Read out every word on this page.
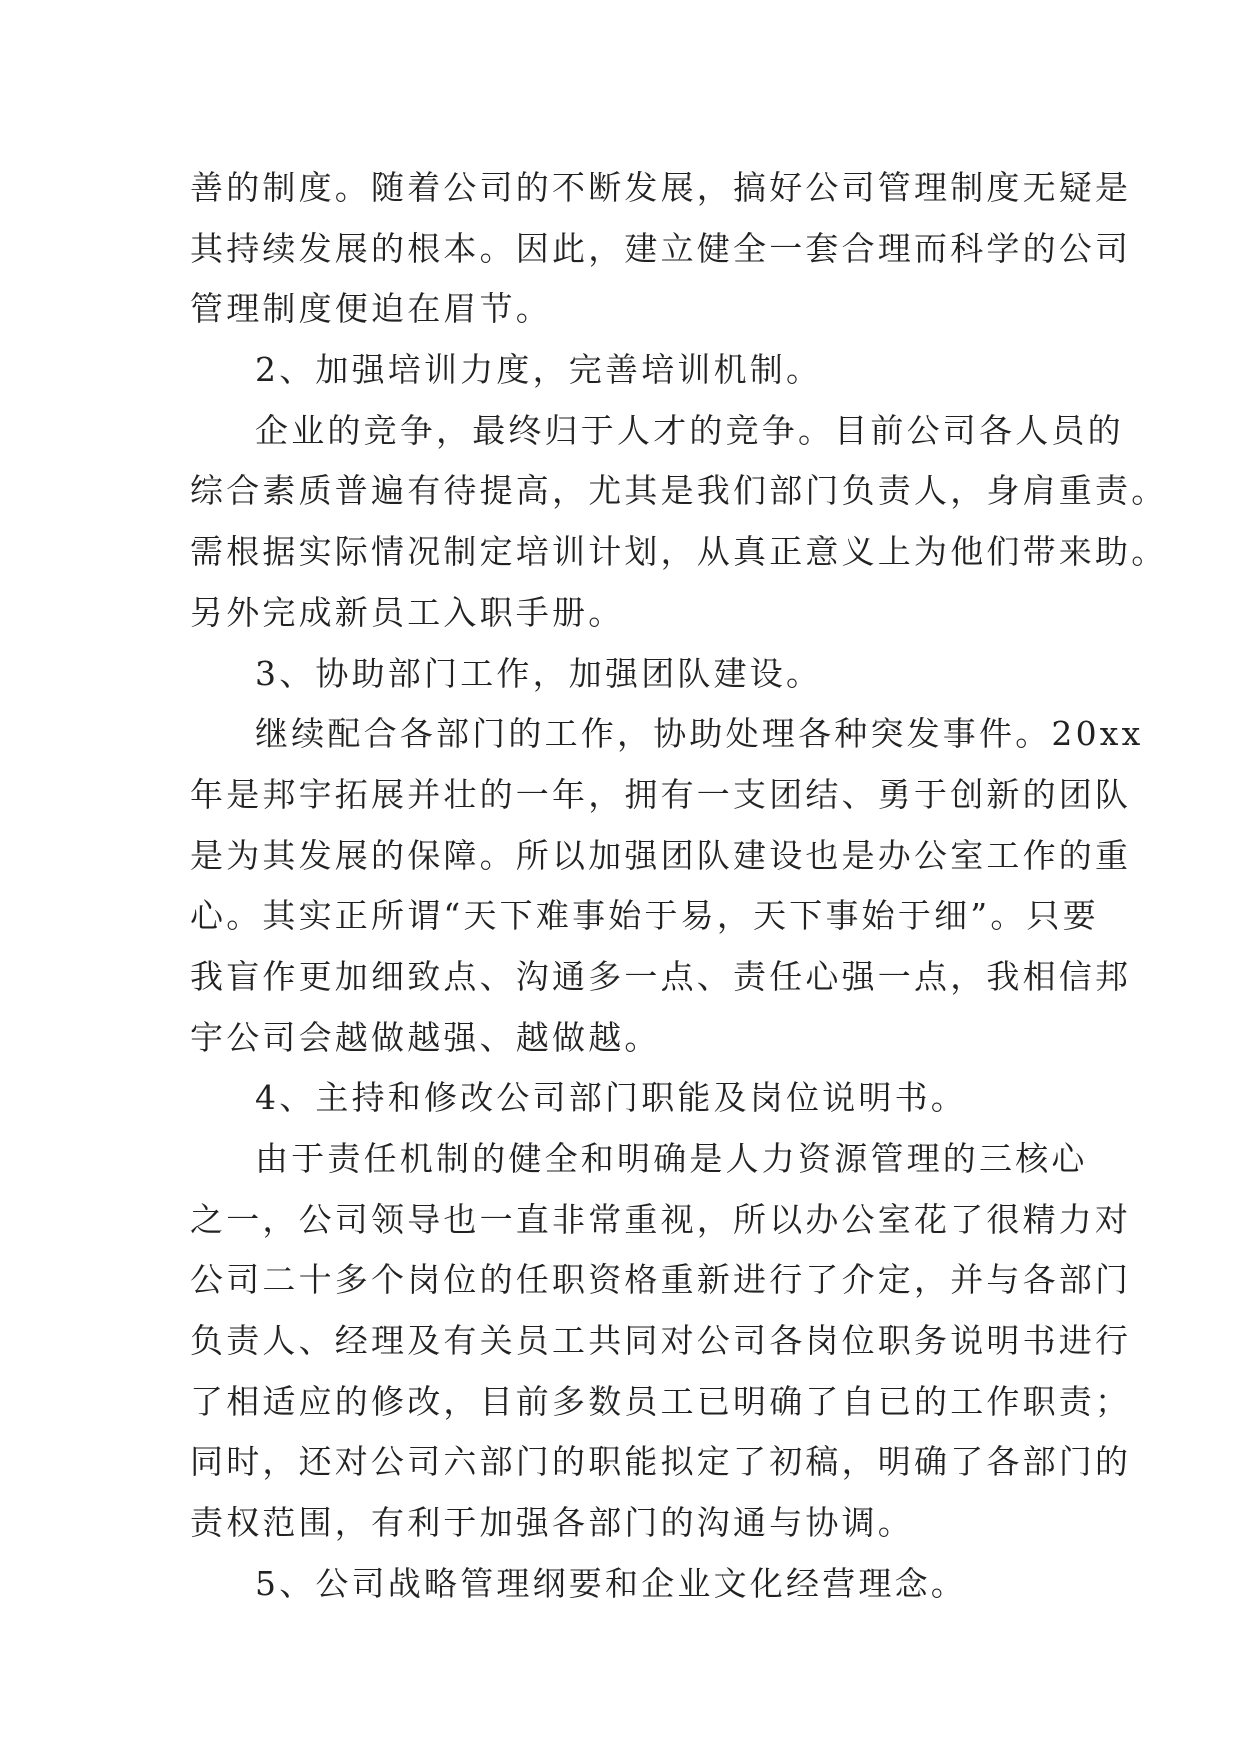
善的制度。随着公司的不断发展，搞好公司管理制度无疑是
其持续发展的根本。因此，建立健全一套合理而科学的公司
管理制度便迫在眉节。
2、加强培训力度，完善培训机制。
企业的竞争，最终归于人才的竞争。目前公司各人员的
综合素质普遍有待提高，尤其是我们部门负责人，身肩重责。
需根据实际情况制定培训计划，从真正意义上为他们带来助。
另外完成新员工入职手册。
3、协助部门工作，加强团队建设。
继续配合各部门的工作，协助处理各种突发事件。20xx
年是邦宇拓展并壮的一年，拥有一支团结、勇于创新的团队
是为其发展的保障。所以加强团队建设也是办公室工作的重
心。其实正所谓“天下难事始于易，天下事始于细”。只要
我盲作更加细致点、沟通多一点、责任心强一点，我相信邦
宇公司会越做越强、越做越。
4、主持和修改公司部门职能及岗位说明书。
由于责任机制的健全和明确是人力资源管理的三核心
之一，公司领导也一直非常重视，所以办公室花了很精力对
公司二十多个岗位的任职资格重新进行了介定，并与各部门
负责人、经理及有关员工共同对公司各岗位职务说明书进行
了相适应的修改，目前多数员工已明确了自已的工作职责；
同时，还对公司六部门的职能拟定了初稿，明确了各部门的
责权范围，有利于加强各部门的沟通与协调。
5、公司战略管理纲要和企业文化经营理念。
